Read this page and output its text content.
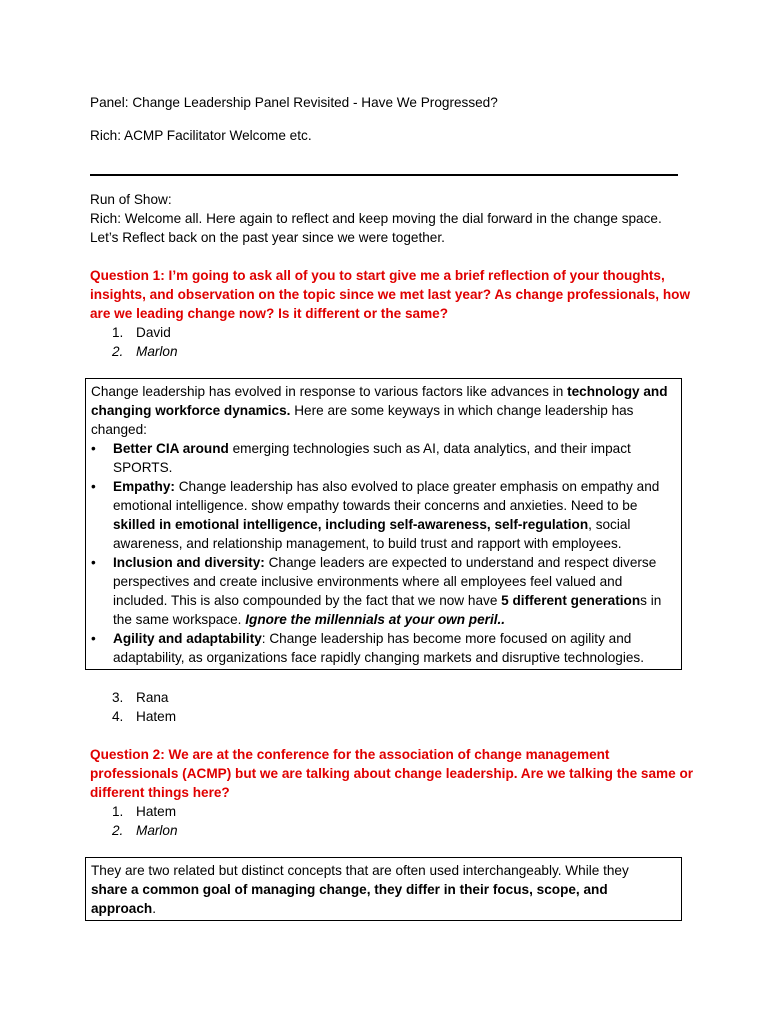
Panel: Change Leadership Panel Revisited - Have We Progressed?
Rich: ACMP Facilitator Welcome etc.
Run of Show:
Rich: Welcome all. Here again to reflect and keep moving the dial forward in the change space.
Let’s Reflect back on the past year since we were together.
Question 1: I’m going to ask all of you to start give me a brief reflection of your thoughts,
insights, and observation on the topic since we met last year? As change professionals, how
are we leading change now? Is it different or the same?
1. David
2. Marlon

Change leadership has evolved in response to various factors like advances in technology and
changing workforce dynamics. Here are some keyways in which change leadership has
changed:

• Better CIA around emerging technologies such as AI, data analytics, and their impact
SPORTS.
• Empathy: Change leadership has also evolved to place greater emphasis on empathy and
emotional intelligence. show empathy towards their concerns and anxieties. Need to be
skilled in emotional intelligence, including self-awareness, self-regulation, social
awareness, and relationship management, to build trust and rapport with employees.
• Inclusion and diversity: Change leaders are expected to understand and respect diverse
perspectives and create inclusive environments where all employees feel valued and
included. This is also compounded by the fact that we now have 5 different generations in
the same workspace. Ignore the millennials at your own peril..
• Agility and adaptability: Change leadership has become more focused on agility and
adaptability, as organizations face rapidly changing markets and disruptive technologies.
3. Rana
4. Hatem
Question 2: We are at the conference for the association of change management
professionals (ACMP) but we are talking about change leadership. Are we talking the same or
different things here?
1. Hatem
2. Marlon

They are two related but distinct concepts that are often used interchangeably. While they
share a common goal of managing change, they differ in their focus, scope, and approach.
